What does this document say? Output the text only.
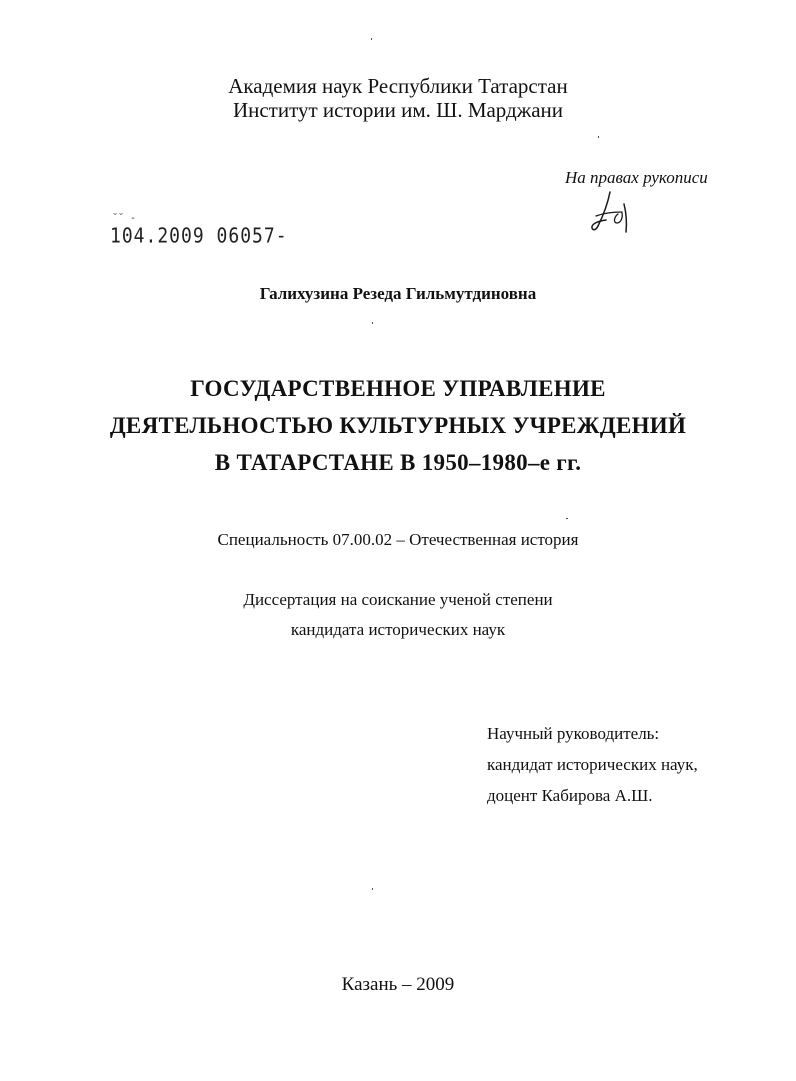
Академия наук Республики Татарстан
Институт истории им. Ш. Марджани
На правах рукописи
˘˘ -
104.2009 06057-
Галихузина Резеда Гильмутдиновна
ГОСУДАРСТВЕННОЕ УПРАВЛЕНИЕ
ДЕЯТЕЛЬНОСТЬЮ КУЛЬТУРНЫХ УЧРЕЖДЕНИЙ
В ТАТАРСТАНЕ В 1950–1980–е гг.
Специальность 07.00.02 – Отечественная история
Диссертация на соискание ученой степени
кандидата исторических наук
Научный руководитель:
кандидат исторических наук,
доцент Кабирова А.Ш.
Казань – 2009
